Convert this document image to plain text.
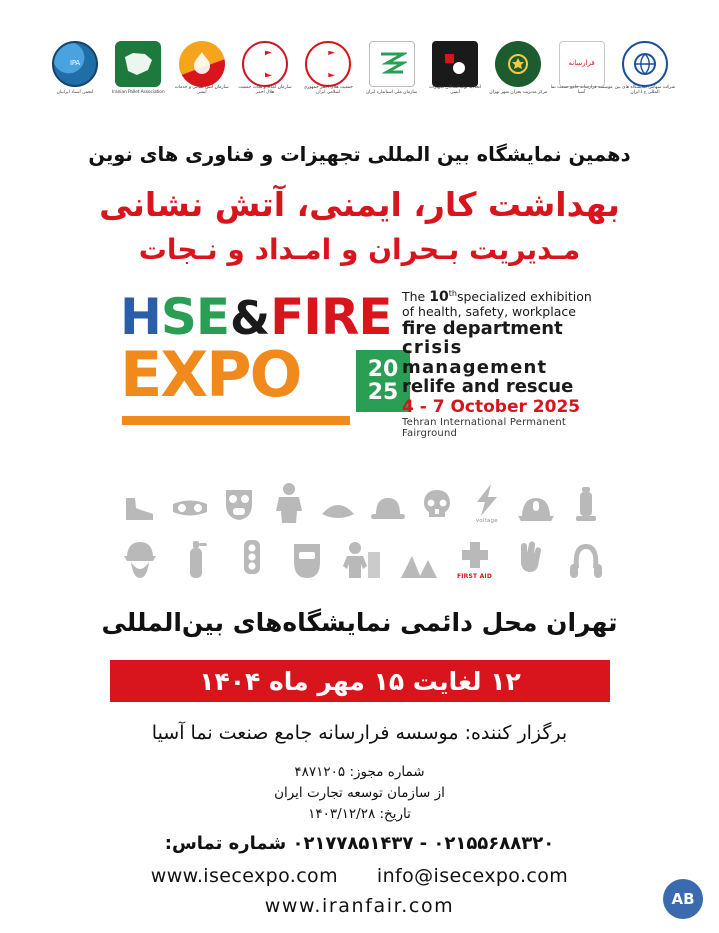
IPA
انجمن اسناد ایرانیان	Iranian Pallet Association
سازمان آتش نشانی و خدمات ایمنی
سازمان امداد و نجات جمعیت هلال احمر
جمعیت هلال احمر جمهوری اسلامی ایران	سازمان ملی استاندارد ایران
اتحادیه تولیدکنندگان تجهیزات ایمنی	مرکز مدیریت بحران شهر تهران
فرارسانه
موسسه فرارسانه جامع صنعت نما آسیا
شرکت سهامی نمایشگاه های بین المللی ج.ا.ایران
دهمین نمایشگاه بین المللی تجهیزات و فناوری های نوین
بهداشت کار، ایمنی، آتش نشانی
مـدیریت بـحران و امـداد و نـجات
H S E & FIRE
EXPO	20
25
The 10thspecialized exhibition
of health, safety, workplace
fire department
crisis management
relife and rescue
4 - 7 October 2025
Tehran International Permanent Fairground
voltage
FIRST AID
تهران محل دائمی نمایشگاه‌های بین‌المللی
۱۲ لغایت ۱۵ مهر ماه ۱۴۰۴
برگزار کننده: موسسه فرارسانه جامع صنعت نما آسیا
شماره مجوز: ۴۸۷۱۲۰۵
از سازمان توسعه تجارت ایران
تاریخ: ۱۴۰۳/۱۲/۲۸
۰۲۱۵۵۶۸۸۳۲۰ - ۰۲۱۷۷۸۵۱۴۳۷ شماره تماس:
www.isecexpo.com info@isecexpo.com
www.iranfair.com	AB
